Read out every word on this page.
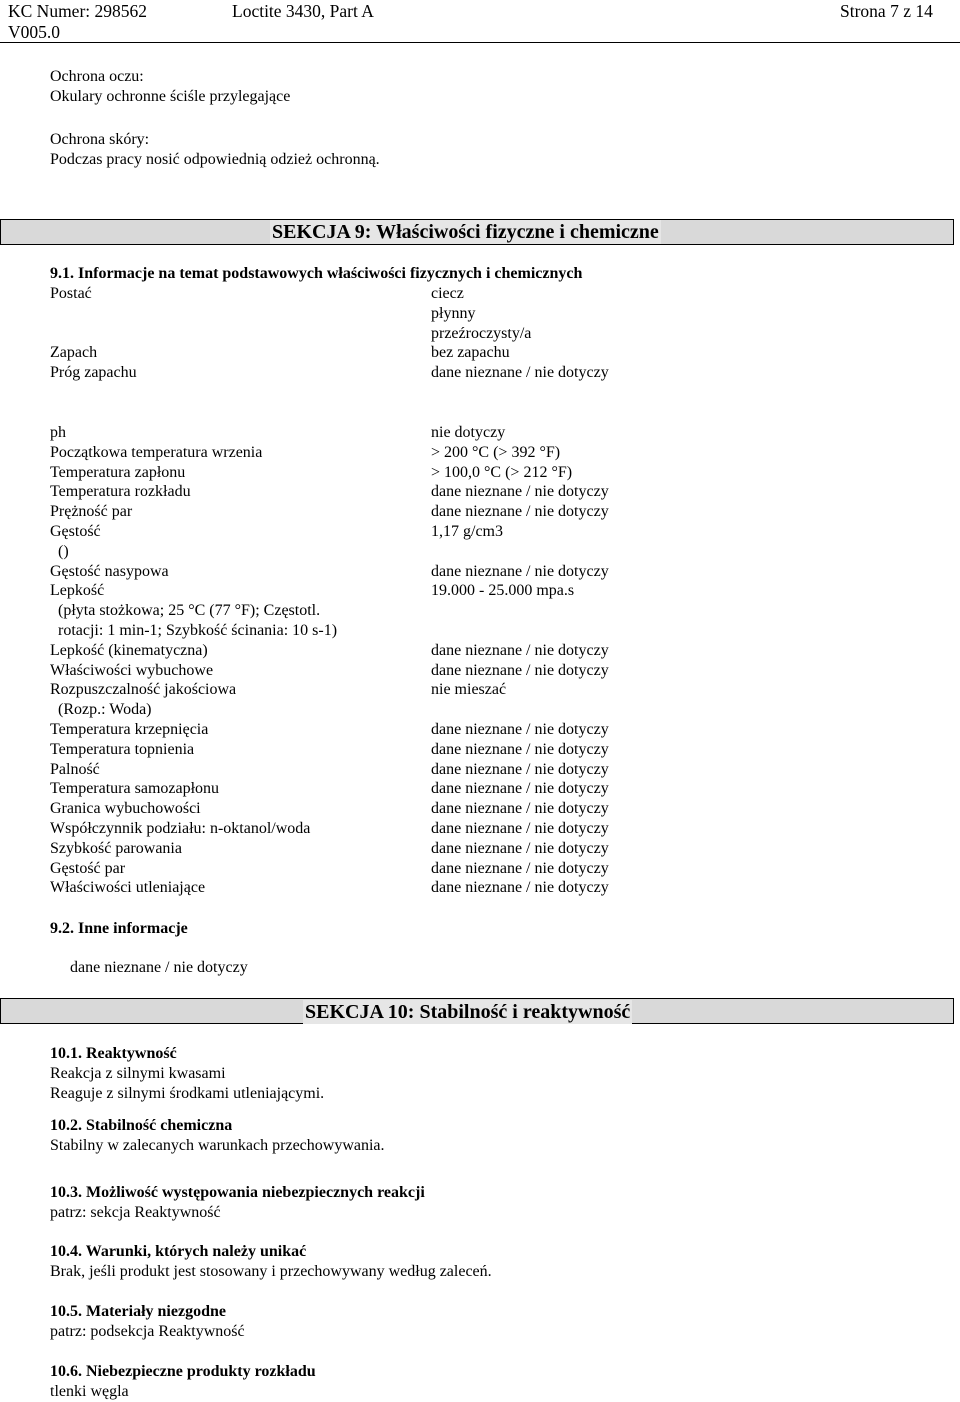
KC Numer: 298562	Loctite 3430, Part A	Strona 7 z 14
V005.0
Ochrona oczu:
Okulary ochronne ściśle przylegające
Ochrona skóry:
Podczas pracy nosić odpowiednią odzież ochronną.
SEKCJA 9: Właściwości fizyczne i chemiczne
9.1. Informacje na temat podstawowych właściwości fizycznych i chemicznych
Postać	ciecz
płynny
przeźroczysty/a
Zapach	bez zapachu
Próg zapachu	dane nieznane / nie dotyczy
ph	nie dotyczy
Początkowa temperatura wrzenia	> 200 °C (> 392 °F)
Temperatura zapłonu	> 100,0 °C (> 212 °F)
Temperatura rozkładu	dane nieznane / nie dotyczy
Prężność par	dane nieznane / nie dotyczy
Gęstość	1,17 g/cm3
()
Gęstość nasypowa	dane nieznane / nie dotyczy
Lepkość	19.000 - 25.000 mpa.s
(płyta stożkowa; 25 °C (77 °F); Częstotl.
rotacji: 1 min-1; Szybkość ścinania: 10 s-1)
Lepkość (kinematyczna)	dane nieznane / nie dotyczy
Właściwości wybuchowe	dane nieznane / nie dotyczy
Rozpuszczalność jakościowa	nie mieszać
(Rozp.: Woda)
Temperatura krzepnięcia	dane nieznane / nie dotyczy
Temperatura topnienia	dane nieznane / nie dotyczy
Palność	dane nieznane / nie dotyczy
Temperatura samozapłonu	dane nieznane / nie dotyczy
Granica wybuchowości	dane nieznane / nie dotyczy
Współczynnik podziału: n-oktanol/woda	dane nieznane / nie dotyczy
Szybkość parowania	dane nieznane / nie dotyczy
Gęstość par	dane nieznane / nie dotyczy
Właściwości utleniające	dane nieznane / nie dotyczy
9.2. Inne informacje
dane nieznane / nie dotyczy
SEKCJA 10: Stabilność i reaktywność
10.1. Reaktywność
Reakcja z silnymi kwasami
Reaguje z silnymi środkami utleniającymi.
10.2. Stabilność chemiczna
Stabilny w zalecanych warunkach przechowywania.
10.3. Możliwość występowania niebezpiecznych reakcji
patrz: sekcja Reaktywność
10.4. Warunki, których należy unikać
Brak, jeśli produkt jest stosowany i przechowywany według zaleceń.
10.5. Materiały niezgodne
patrz: podsekcja Reaktywność
10.6. Niebezpieczne produkty rozkładu
tlenki węgla
